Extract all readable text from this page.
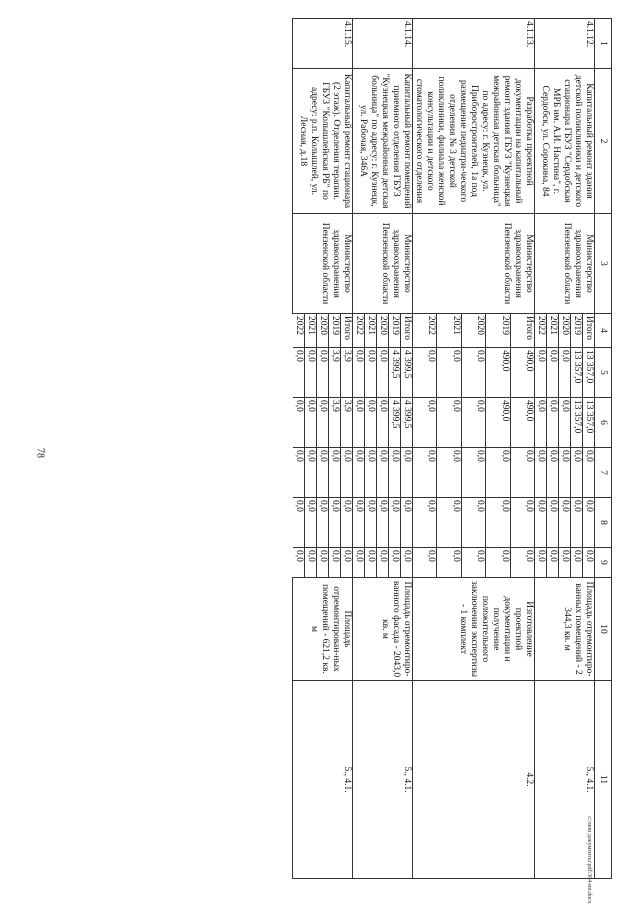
78
1	2	3	4	5	6	7	8	9	10	11
4.1.12.	Капитальный ремонт здания детской поликлиники и детского стационара ГБУЗ "Сердобская МРБ им. А.И. Настина", г. Сердобск, ул. Сорокина, 84	Министерство здравоохранения Пензенской области	Итого	13 357,0	13 357,0	0,0	0,0	0,0	Площадь отремонтиро-ванных помещений - 2 344,3 кв. м	5., 4.1.
			2019	13 357,0	13 357,0	0,0	0,0	0,0		
			2020	0,0	0,0	0,0	0,0	0,0		
			2021	0,0	0,0	0,0	0,0	0,0		
			2022	0,0	0,0	0,0	0,0	0,0		

4.1.13.	Разработка проектной документации на капитальный ремонт здания ГБУЗ "Кузнецкая межрайонная детская больница" по адресу: г. Кузнецк, ул. Приборостроителей, 1а под размещение педиатри-ческого отделения № 3 детской поликлиники, филиала женской консультации и детского стоматологического отделения	Министерство здравоохранения Пензенской области	Итого	490,0	490,0	0,0	0,0	0,0	Изготовление проектной документации и получение положительного заключения экспертизы - 1 комплект	4.2.
			2019	490,0	490,0	0,0	0,0	0,0		
			2020	0,0	0,0	0,0	0,0	0,0		
			2021	0,0	0,0	0,0	0,0	0,0		
			2022	0,0	0,0	0,0	0,0	0,0		

4.1.14.	Капитальный ремонт помещений приемного отделения ГБУЗ "Кузнецкая межрайонная детская больница" по адресу: г. Кузнецк, ул. Рабочая, 346А	Министерство здравоохранения Пензенской области	Итого	4 399,5	4 399,5	0,0	0,0	0,0	Площадь отремонтиро-ванного фасада - 2043,0 кв. м	5., 4.1.
			2019	4 399,5	4 399,5	0,0	0,0	0,0		
			2020	0,0	0,0	0,0	0,0	0,0		
			2021	0,0	0,0	0,0	0,0	0,0		
			2022	0,0	0,0	0,0	0,0	0,0		

4.1.15.	Капитальный ремонт стационара (2 этаж). Отделения терапии. ГБУЗ "Колышлейская РБ" по адресу: р.п. Колышлей, ул. Лесная, д.18	Министерство здравоохранения Пензенской области	Итого	3,9	3,9	0,0	0,0	0,0	Площадь отремонтирован-ных помещений - 621,2 кв. м	5., 4.1.
			2019	3,9	3,9	0,0	0,0	0,0		
			2020	0,0	0,0	0,0	0,0	0,0		
			2021	0,0	0,0	0,0	0,0	0,0		
			2022	0,0	0,0	0,0	0,0	0,0		

c:\мои документы\pdf\384-нп.docx
